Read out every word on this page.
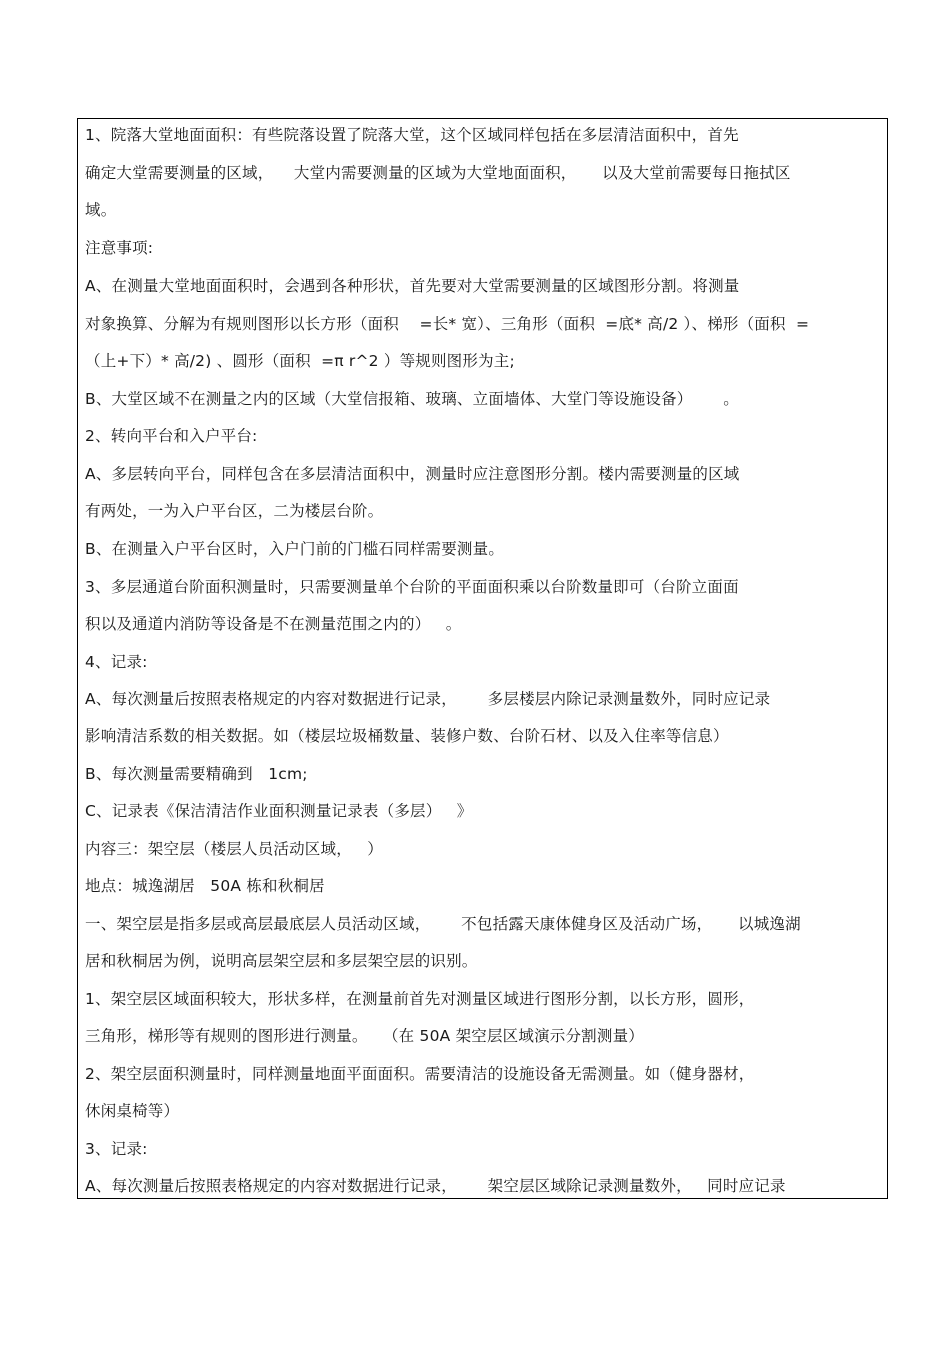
1、院落大堂地面面积：有些院落设置了院落大堂，这个区域同样包括在多层清洁面积中，首先
确定大堂需要测量的区域，    大堂内需要测量的区域为大堂地面面积，     以及大堂前需要每日拖拭区
域。
注意事项:
A、在测量大堂地面面积时，会遇到各种形状，首先要对大堂需要测量的区域图形分割。将测量
对象换算、分解为有规则图形以长方形（面积    =长* 宽）、三角形（面积  =底* 高/2 ）、梯形（面积  =
（上+下）* 高/2) 、圆形（面积  =π r^2 ）等规则图形为主;
B、大堂区域不在测量之内的区域（大堂信报箱、玻璃、立面墙体、大堂门等设施设备）      。
2、转向平台和入户平台:
A、多层转向平台，同样包含在多层清洁面积中，测量时应注意图形分割。楼内需要测量的区域
有两处，一为入户平台区，二为楼层台阶。
B、在测量入户平台区时，入户门前的门槛石同样需要测量。
3、多层通道台阶面积测量时，只需要测量单个台阶的平面面积乘以台阶数量即可（台阶立面面
积以及通道内消防等设备是不在测量范围之内的）   。
4、记录:
A、每次测量后按照表格规定的内容对数据进行记录，      多层楼层内除记录测量数外，同时应记录
影响清洁系数的相关数据。如（楼层垃圾桶数量、装修户数、台阶石材、以及入住率等信息）
B、每次测量需要精确到   1cm;
C、记录表《保洁清洁作业面积测量记录表（多层）   》
内容三：架空层（楼层人员活动区域，   ）
地点：城逸湖居   50A 栋和秋桐居
一、架空层是指多层或高层最底层人员活动区域，      不包括露天康体健身区及活动广场，     以城逸湖
居和秋桐居为例，说明高层架空层和多层架空层的识别。
1、架空层区域面积较大，形状多样，在测量前首先对测量区域进行图形分割，以长方形，圆形，
三角形，梯形等有规则的图形进行测量。   （在 50A 架空层区域演示分割测量）
2、架空层面积测量时，同样测量地面平面面积。需要清洁的设施设备无需测量。如（健身器材，
休闲桌椅等）
3、记录:
A、每次测量后按照表格规定的内容对数据进行记录，      架空层区域除记录测量数外，   同时应记录
